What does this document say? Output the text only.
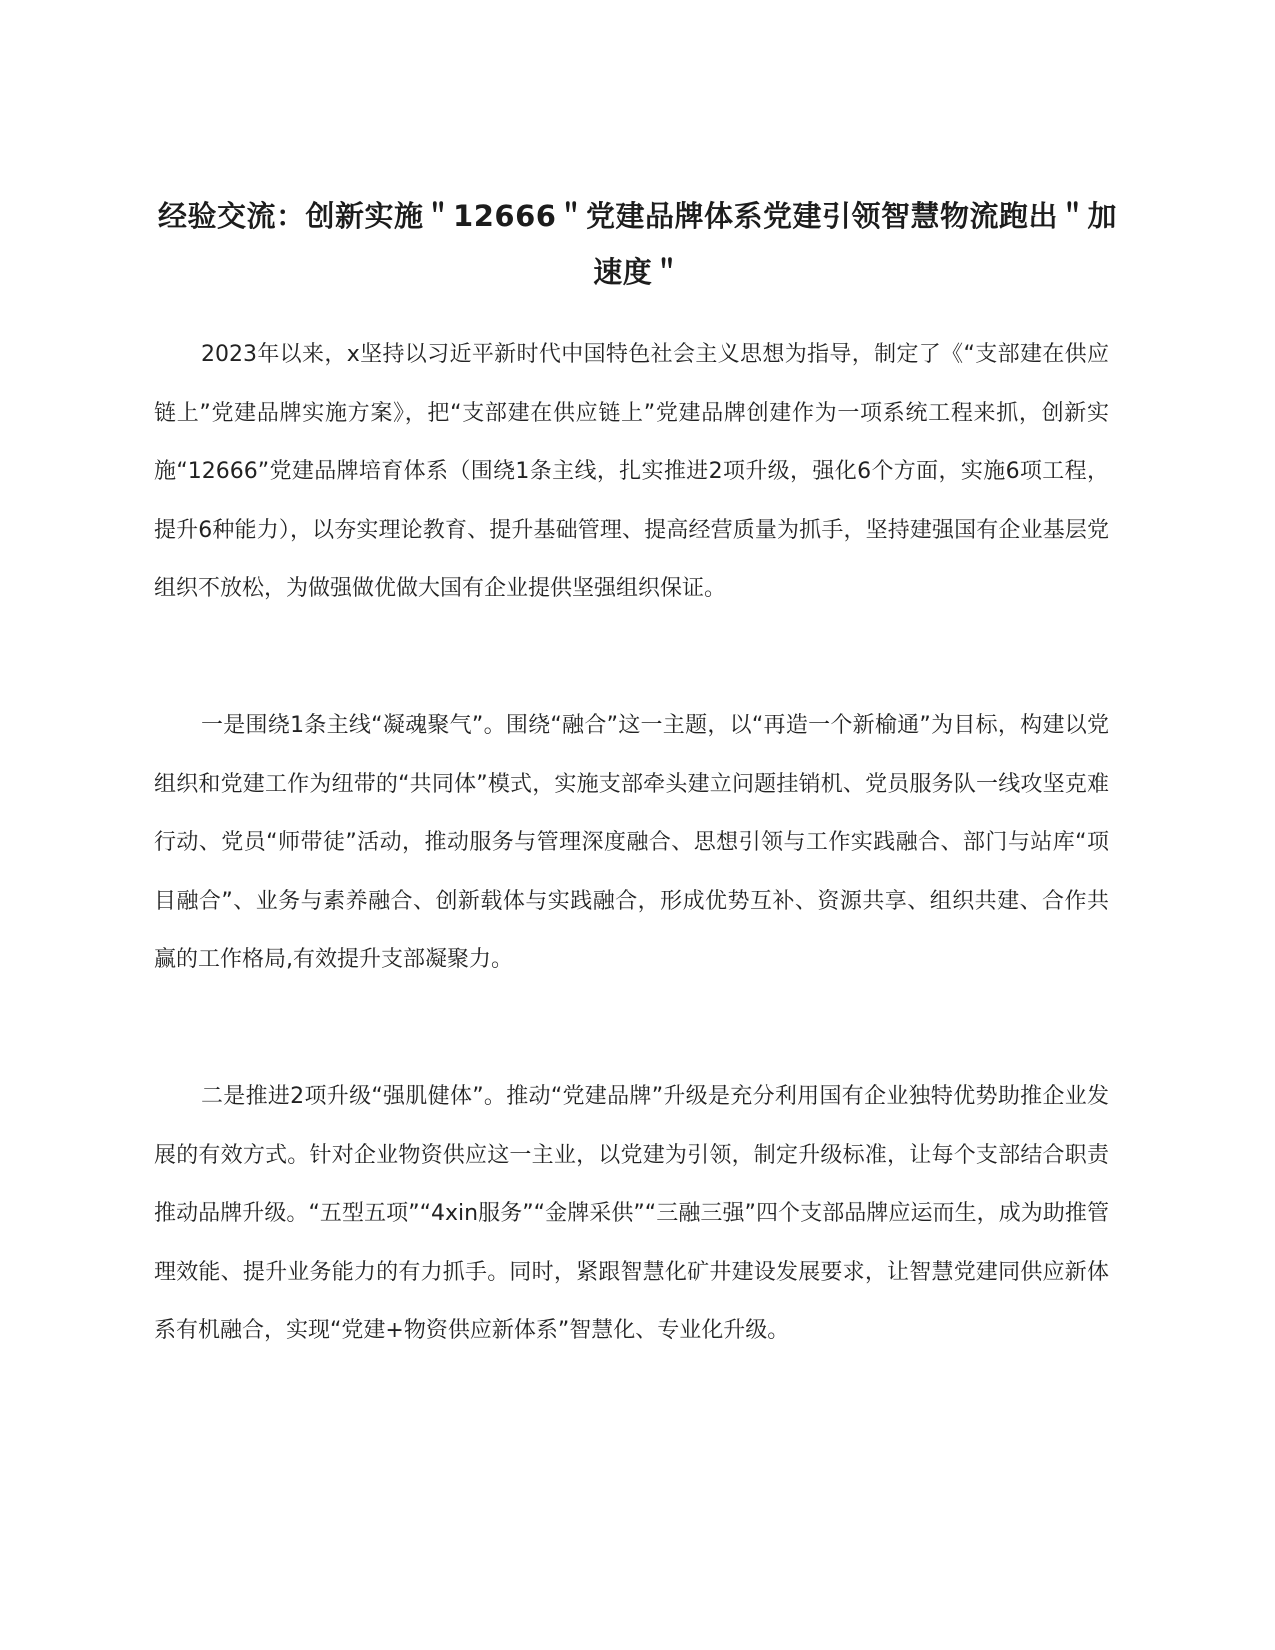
经验交流：创新实施＂12666＂党建品牌体系党建引领智慧物流跑出＂加速度＂

2023年以来，x坚持以习近平新时代中国特色社会主义思想为指导，制定了《“支部建在供应链上”党建品牌实施方案》，把“支部建在供应链上”党建品牌创建作为一项系统工程来抓，创新实施“12666”党建品牌培育体系（围绕1条主线，扎实推进2项升级，强化6个方面，实施6项工程，提升6种能力），以夯实理论教育、提升基础管理、提高经营质量为抓手，坚持建强国有企业基层党组织不放松，为做强做优做大国有企业提供坚强组织保证。

一是围绕1条主线“凝魂聚气”。围绕“融合”这一主题，以“再造一个新榆通”为目标，构建以党组织和党建工作为纽带的“共同体”模式，实施支部牵头建立问题挂销机、党员服务队一线攻坚克难行动、党员“师带徒”活动，推动服务与管理深度融合、思想引领与工作实践融合、部门与站库“项目融合”、业务与素养融合、创新载体与实践融合，形成优势互补、资源共享、组织共建、合作共赢的工作格局,有效提升支部凝聚力。

二是推进2项升级“强肌健体”。推动“党建品牌”升级是充分利用国有企业独特优势助推企业发展的有效方式。针对企业物资供应这一主业，以党建为引领，制定升级标准，让每个支部结合职责推动品牌升级。“五型五项”“4xin服务”“金牌采供”“三融三强”四个支部品牌应运而生，成为助推管理效能、提升业务能力的有力抓手。同时，紧跟智慧化矿井建设发展要求，让智慧党建同供应新体系有机融合，实现“党建+物资供应新体系”智慧化、专业化升级。
